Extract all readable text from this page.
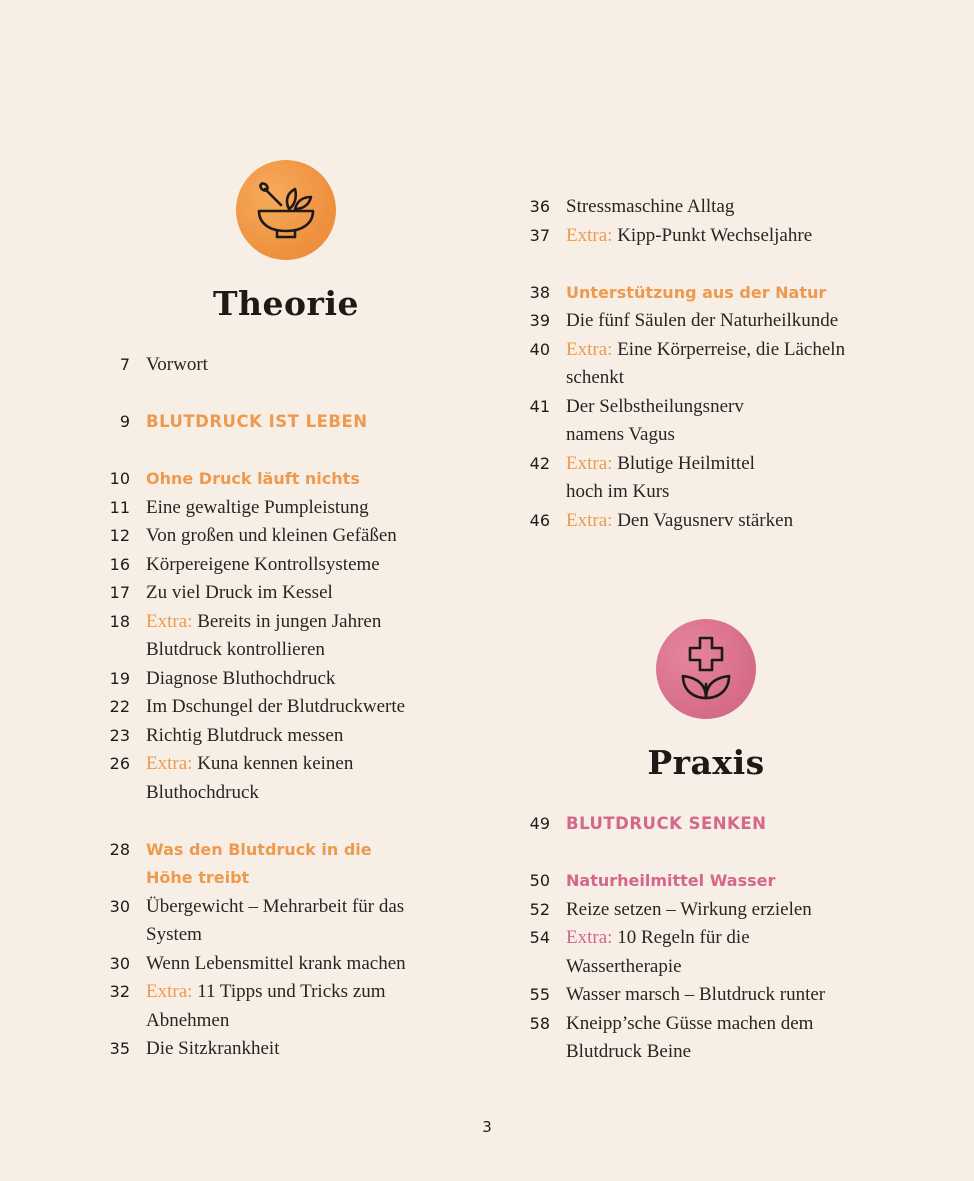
Theorie
7 Vorwort
9 BLUTDRUCK IST LEBEN
10 Ohne Druck läuft nichts
11 Eine gewaltige Pumpleistung
12 Von großen und kleinen Gefäßen
16 Körpereigene Kontrollsysteme
17 Zu viel Druck im Kessel
18 Extra: Bereits in jungen Jahren
Blutdruck kontrollieren
19 Diagnose Bluthochdruck
22 Im Dschungel der Blutdruckwerte
23 Richtig Blutdruck messen
26 Extra: Kuna kennen keinen
Bluthochdruck
28 Was den Blutdruck in die
Höhe treibt
30 Übergewicht – Mehrarbeit für das
System
30 Wenn Lebensmittel krank machen
32 Extra: 11 Tipps und Tricks zum
Abnehmen
35 Die Sitzkrankheit
36 Stressmaschine Alltag
37 Extra: Kipp-Punkt Wechseljahre
38 Unterstützung aus der Natur
39 Die fünf Säulen der Naturheilkunde
40 Extra: Eine Körperreise, die Lächeln
schenkt
41 Der Selbstheilungsnerv
namens Vagus
42 Extra: Blutige Heilmittel
hoch im Kurs
46 Extra: Den Vagusnerv stärken
Praxis
49 BLUTDRUCK SENKEN
50 Naturheilmittel Wasser
52 Reize setzen – Wirkung erzielen
54 Extra: 10 Regeln für die
Wassertherapie
55 Wasser marsch – Blutdruck runter
58 Kneipp’sche Güsse machen dem
Blutdruck Beine
3
